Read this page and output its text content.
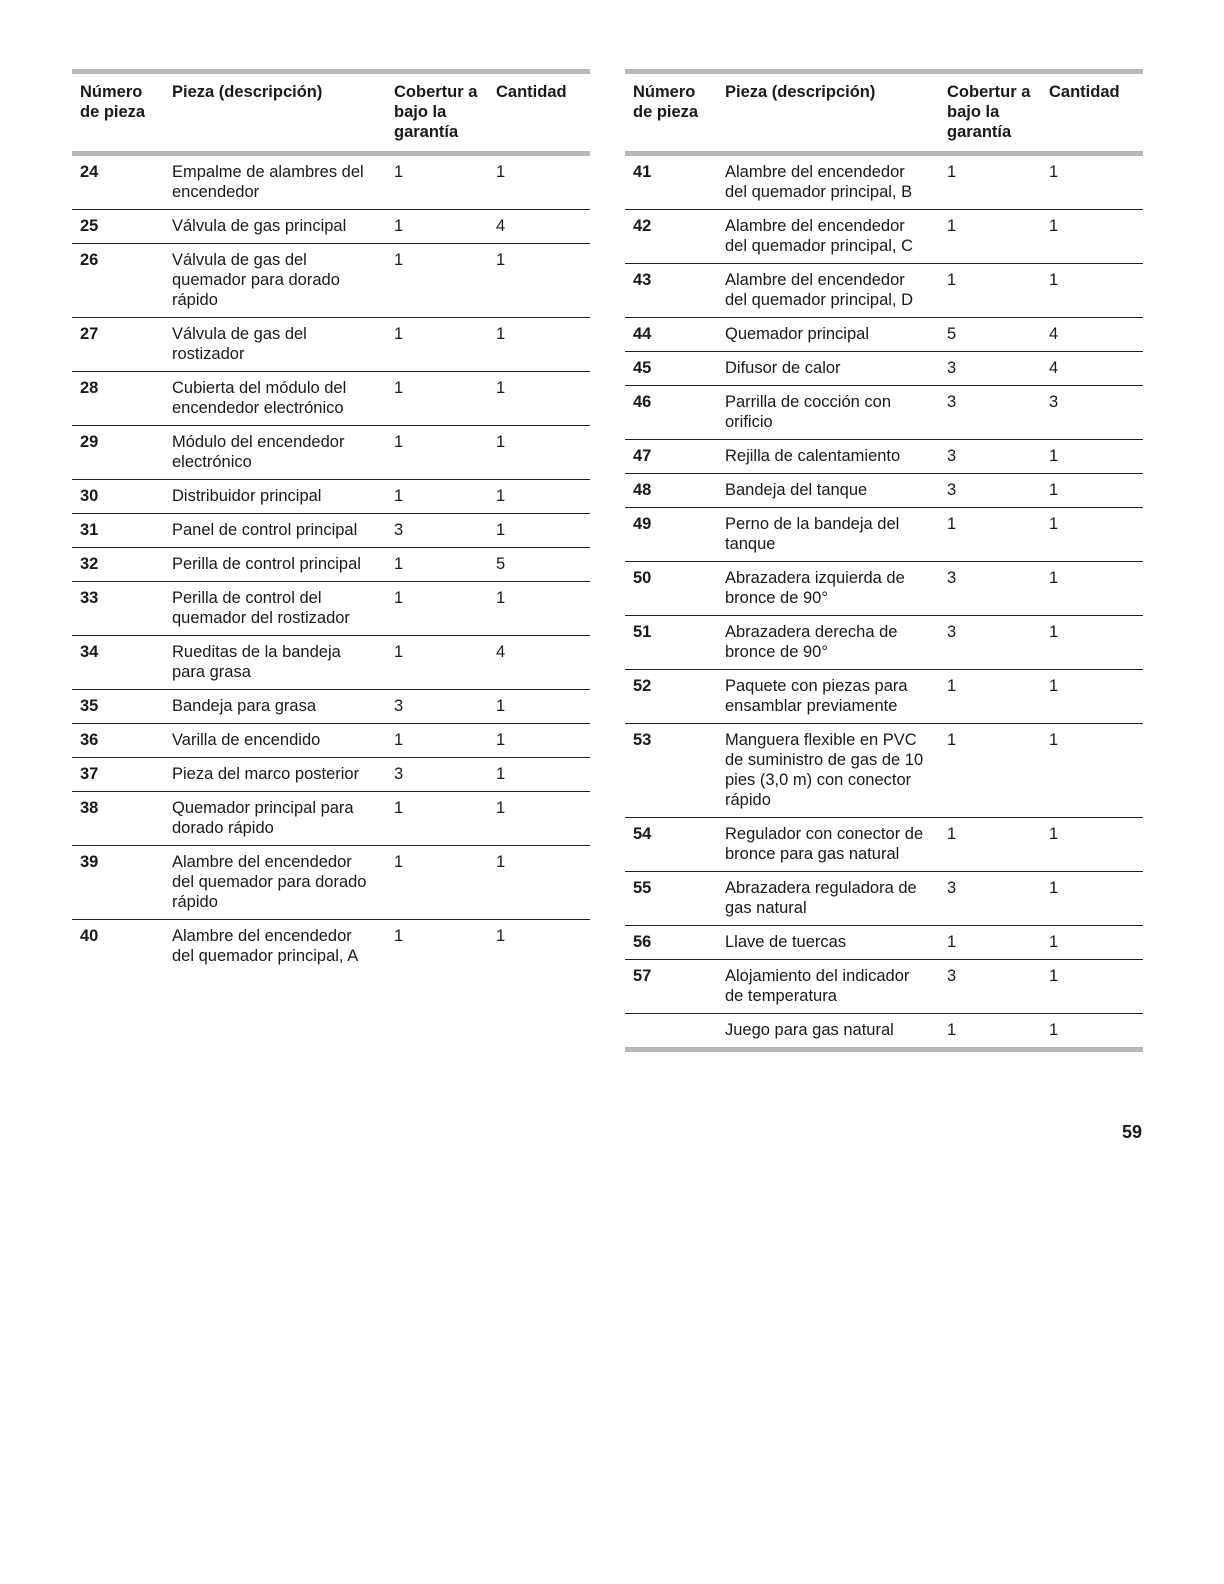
Número de pieza	Pieza (descripción)	Cobertur a bajo la garantía	Cantidad
24	Empalme de alambres del encendedor	1	1
25	Válvula de gas principal	1	4
26	Válvula de gas del quemador para dorado rápido	1	1
27	Válvula de gas del rostizador	1	1
28	Cubierta del módulo del encendedor electrónico	1	1
29	Módulo del encendedor electrónico	1	1
30	Distribuidor principal	1	1
31	Panel de control principal	3	1
32	Perilla de control principal	1	5
33	Perilla de control del quemador del rostizador	1	1
34	Rueditas de la bandeja para grasa	1	4
35	Bandeja para grasa	3	1
36	Varilla de encendido	1	1
37	Pieza del marco posterior	3	1
38	Quemador principal para dorado rápido	1	1
39	Alambre del encendedor del quemador para dorado rápido	1	1
40	Alambre del encendedor del quemador principal, A	1	1
Número de pieza	Pieza (descripción)	Cobertur a bajo la garantía	Cantidad
41	Alambre del encendedor del quemador principal, B	1	1
42	Alambre del encendedor del quemador principal, C	1	1
43	Alambre del encendedor del quemador principal, D	1	1
44	Quemador principal	5	4
45	Difusor de calor	3	4
46	Parrilla de cocción con orificio	3	3
47	Rejilla de calentamiento	3	1
48	Bandeja del tanque	3	1
49	Perno de la bandeja del tanque	1	1
50	Abrazadera izquierda de bronce de 90°	3	1
51	Abrazadera derecha de bronce de 90°	3	1
52	Paquete con piezas para ensamblar previamente	1	1
53	Manguera flexible en PVC de suministro de gas de 10 pies (3,0 m) con conector rápido	1	1
54	Regulador con conector de bronce para gas natural	1	1
55	Abrazadera reguladora de gas natural	3	1
56	Llave de tuercas	1	1
57	Alojamiento del indicador de temperatura	3	1
	Juego para gas natural	1	1
59
